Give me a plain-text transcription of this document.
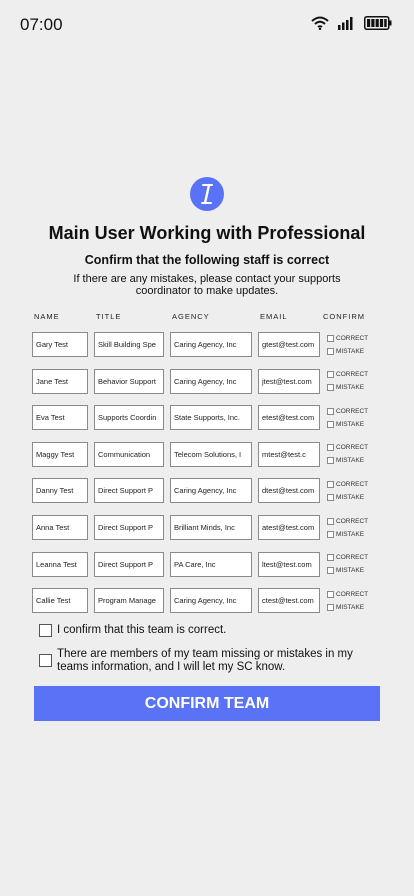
07:00
Main User Working with Professional
Confirm that the following staff is correct
If there are any mistakes, please contact your supports coordinator to make updates.
NAME	TITLE	AGENCY	EMAIL	CONFIRM
Gary Test	Skill Building Spe	Caring Agency, Inc	gtest@test.com
CORRECT
MISTAKE
Jane Test	Behavior Support	Caring Agency, Inc	jtest@test.com
CORRECT
MISTAKE
Eva Test	Supports Coordin	State Supports, Inc.	etest@test.com
CORRECT
MISTAKE
Maggy Test	Communication	Telecom Solutions, I	mtest@test.c
CORRECT
MISTAKE
Danny Test	Direct Support P	Caring Agency, Inc	dtest@test.com
CORRECT
MISTAKE
Anna Test	Direct Support P	Brilliant Minds, Inc	atest@test.com
CORRECT
MISTAKE
Leanna Test	Direct Support P	PA Care, Inc	ltest@test.com
CORRECT
MISTAKE
Callie Test	Program Manage	Caring Agency, Inc	ctest@test.com
CORRECT
MISTAKE
I confirm that this team is correct.
There are members of my team missing or mistakes in my teams information, and I will let my SC know.
CONFIRM TEAM
